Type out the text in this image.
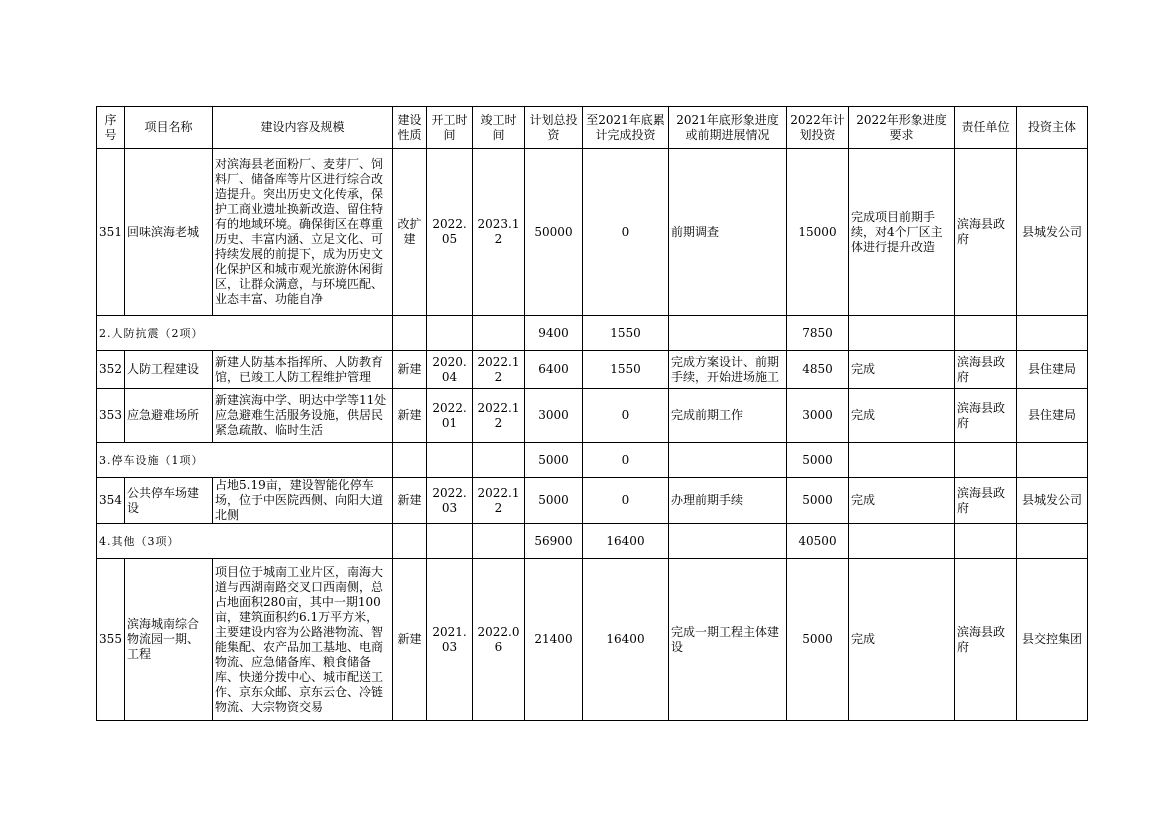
序号	项目名称	建设内容及规模	建设性质	开工时间	竣工时间	计划总投资	至2021年底累计完成投资	2021年底形象进度或前期进展情况	2022年计划投资	2022年形象进度要求	责任单位	投资主体
351	回味滨海老城	对滨海县老面粉厂、麦芽厂、饲料厂、储备库等片区进行综合改造提升。突出历史文化传承，保护工商业遗址换新改造、留住特有的地域环境。确保街区在尊重历史、丰富内涵、立足文化、可持续发展的前提下，成为历史文化保护区和城市观光旅游休闲街区，让群众满意，与环境匹配、业态丰富、功能自净	改扩建	2022.05	2023.12	50000	0	前期调查	15000	完成项目前期手续，对4个厂区主体进行提升改造	滨海县政府	县城发公司
2.人防抗震（2项）						9400	1550		7850			
352	人防工程建设	新建人防基本指挥所、人防教育馆，已竣工人防工程维护管理	新建	2020.04	2022.12	6400	1550	完成方案设计、前期手续，开始进场施工	4850	完成	滨海县政府	县住建局
353	应急避难场所	新建滨海中学、明达中学等11处应急避难生活服务设施，供居民紧急疏散、临时生活	新建	2022.01	2022.12	3000	0	完成前期工作	3000	完成	滨海县政府	县住建局
3.停车设施（1项）						5000	0		5000			
354	公共停车场建设	占地5.19亩，建设智能化停车场，位于中医院西侧、向阳大道北侧	新建	2022.03	2022.12	5000	0	办理前期手续	5000	完成	滨海县政府	县城发公司
4.其他（3项）						56900	16400		40500			
355	滨海城南综合物流园一期、工程	项目位于城南工业片区，南海大道与西湖南路交叉口西南侧，总占地面积280亩，其中一期100亩，建筑面积约6.1万平方米，主要建设内容为公路港物流、智能集配、农产品加工基地、电商物流、应急储备库、粮食储备库、快递分拨中心、城市配送工作、京东众邮、京东云仓、冷链物流、大宗物资交易	新建	2021.03	2022.06	21400	16400	完成一期工程主体建设	5000	完成	滨海县政府	县交控集团
